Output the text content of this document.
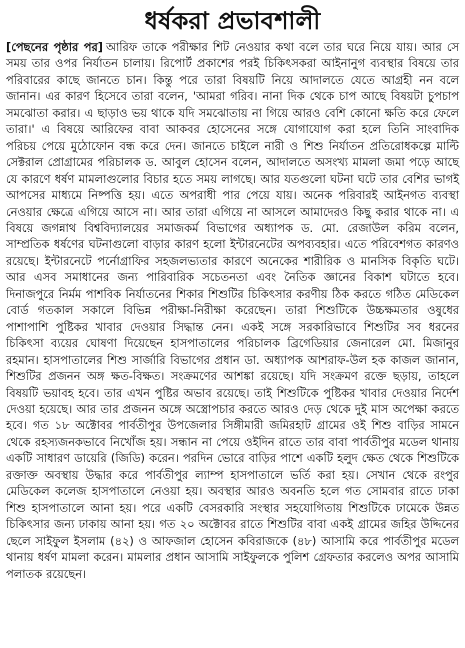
ধর্ষকরা প্রভাবশালী

[পেছনের পৃষ্ঠার পর] আরিফ তাকে পরীক্ষার শিট নেওয়ার কথা বলে তার ঘরে নিয়ে যায়। আর সে সময় তার ওপর নির্যাতন চালায়। রিপোর্ট প্রকাশের পরই চিকিৎসকরা আইনানুগ ব্যবস্থার বিষয়ে তার পরিবারের কাছে জানতে চান। কিন্তু পরে তারা বিষয়টি নিয়ে আদালতে যেতে আগ্রহী নন বলে জানান। এর কারণ হিসেবে তারা বলেন, 'আমরা গরিব। নানা দিক থেকে চাপ আছে বিষয়টা চুপচাপ সমঝোতা করার। এ ছাড়াও ভয় থাকে যদি সমঝোতায় না গিয়ে আরও বেশি কোনো ক্ষতি করে ফেলে তারা।' এ বিষয়ে আরিফের বাবা আকবর হোসেনের সঙ্গে যোগাযোগ করা হলে তিনি সাংবাদিক পরিচয় পেয়ে মুঠোফোন বন্ধ করে দেন। জানতে চাইলে নারী ও শিশু নির্যাতন প্রতিরোধকল্পে মাল্টি সেক্টরাল প্রোগ্রামের পরিচালক ড. আবুল হোসেন বলেন, আদালতে অসংখ্য মামলা জমা পড়ে আছে যে কারণে ধর্ষণ মামলাগুলোর বিচার হতে সময় লাগছে। আর যতগুলো ঘটনা ঘটে তার বেশির ভাগই আপসের মাধ্যমে নিষ্পত্তি হয়। এতে অপরাধী পার পেয়ে যায়। অনেক পরিবারই আইনগত ব্যবস্থা নেওয়ার ক্ষেত্রে এগিয়ে আসে না। আর তারা এগিয়ে না আসলে আমাদেরও কিছু করার থাকে না। এ বিষয়ে জগন্নাথ বিশ্ববিদ্যালয়ের সমাজকর্ম বিভাগের অধ্যাপক ড. মো. রেজাউল করিম বলেন, সাম্প্রতিক ধর্ষণের ঘটনাগুলো বাড়ার কারণ হলো ইন্টারনেটের অপব্যবহার। এতে পরিবেশগত কারণও রয়েছে। ইন্টারনেটে পর্নোগ্রাফির সহজলভ্যতার কারণে অনেকের শারীরিক ও মানসিক বিকৃতি ঘটে। আর এসব সমাধানের জন্য পারিবারিক সচেতনতা এবং নৈতিক জ্ঞানের বিকাশ ঘটাতে হবে। দিনাজপুরে নির্মম পাশবিক নির্যাতনের শিকার শিশুটির চিকিৎসার করণীয় ঠিক করতে গঠিত মেডিকেল বোর্ড গতকাল সকালে বিভিন্ন পরীক্ষা-নিরীক্ষা করেছেন। তারা শিশুটিকে উচ্চক্ষমতার ওষুধের পাশাপাশি পুষ্টিকর খাবার দেওয়ার সিদ্ধান্ত নেন। একই সঙ্গে সরকারিভাবে শিশুটির সব ধরনের চিকিৎসা ব্যয়ের ঘোষণা দিয়েছেন হাসপাতালের পরিচালক ব্রিগেডিয়ার জেনারেল মো. মিজানুর রহমান। হাসপাতালের শিশু সার্জারি বিভাগের প্রধান ডা. অধ্যাপক আশরাফ-উল হক কাজল জানান, শিশুটির প্রজনন অঙ্গ ক্ষত-বিক্ষত। সংক্রমণের আশঙ্কা রয়েছে। যদি সংক্রমণ রক্তে ছড়ায়, তাহলে বিষয়টি ভয়াবহ হবে। তার এখন পুষ্টির অভাব রয়েছে। তাই শিশুটিকে পুষ্টিকর খাবার দেওয়ার নির্দেশ দেওয়া হয়েছে। আর তার প্রজনন অঙ্গে অস্ত্রোপচার করতে আরও দেড় থেকে দুই মাস অপেক্ষা করতে হবে। গত ১৮ অক্টোবর পার্বতীপুর উপজেলার সিঙ্গীমারী জমিরহাট গ্রামের ওই শিশু বাড়ির সামনে থেকে রহস্যজনকভাবে নিখোঁজ হয়। সন্ধান না পেয়ে ওইদিন রাতে তার বাবা পার্বতীপুর মডেল থানায় একটি সাধারণ ডায়েরি (জিডি) করেন। পরদিন ভোরে বাড়ির পাশে একটি হলুদ ক্ষেত থেকে শিশুটিকে রক্তাক্ত অবস্থায় উদ্ধার করে পার্বতীপুর ল্যাম্প হাসপাতালে ভর্তি করা হয়। সেখান থেকে রংপুর মেডিকেল কলেজ হাসপাতালে নেওয়া হয়। অবস্থার আরও অবনতি হলে গত সোমবার রাতে ঢাকা শিশু হাসপাতালে আনা হয়। পরে একটি বেসরকারি সংস্থার সহযোগিতায় শিশুটিকে ঢামেকে উন্নত চিকিৎসার জন্য ঢাকায় আনা হয়। গত ২০ অক্টোবর রাতে শিশুটির বাবা একই গ্রামের জহির উদ্দিনের ছেলে সাইফুল ইসলাম (৪২) ও আফজাল হোসেন কবিরাজকে (৪৮) আসামি করে পার্বতীপুর মডেল থানায় ধর্ষণ মামলা করেন। মামলার প্রধান আসামি সাইফুলকে পুলিশ গ্রেফতার করলেও অপর আসামি পলাতক রয়েছেন।
